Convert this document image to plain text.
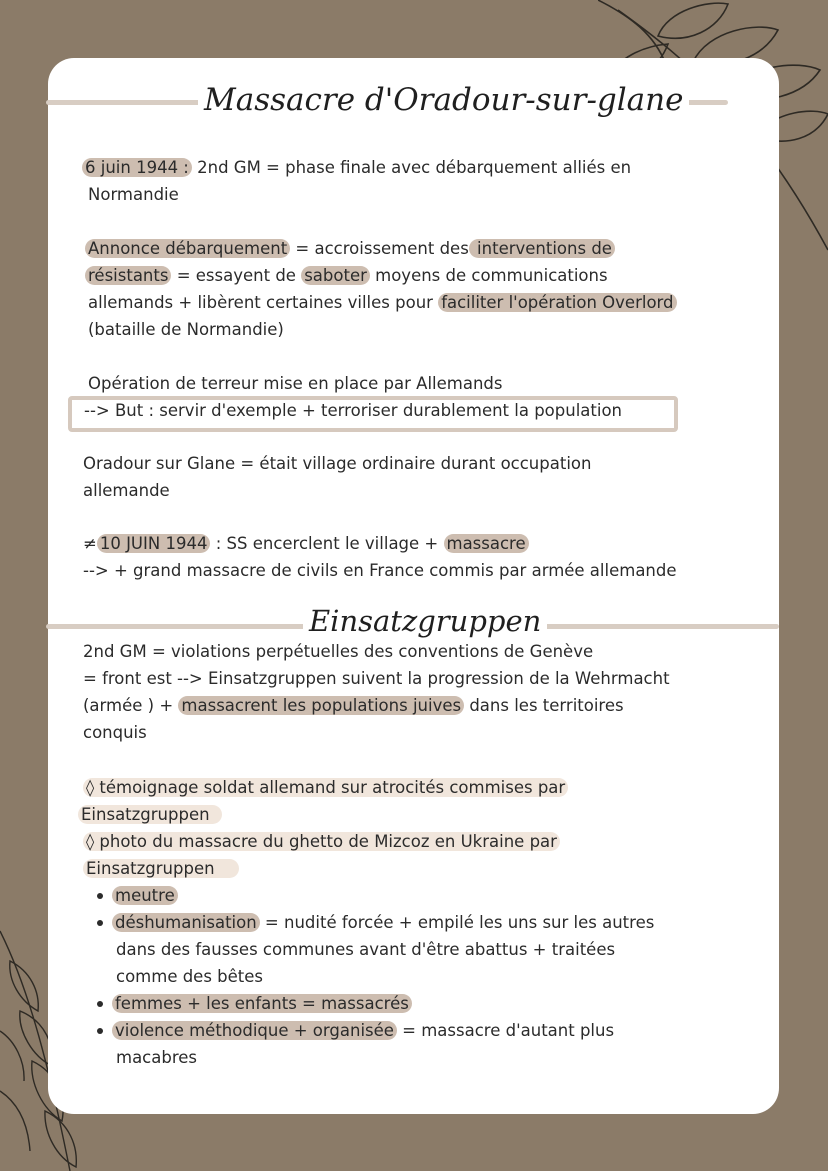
Massacre d'Oradour-sur-glane

6 juin 1944 : 2nd GM = phase finale avec débarquement alliés en

Normandie

Annonce débarquement = accroissement des interventions de

résistants = essayent de saboter moyens de communications

allemands + libèrent certaines villes pour faciliter l'opération Overlord

(bataille de Normandie)

Opération de terreur mise en place par Allemands

--> But : servir d'exemple + terroriser durablement la population

Oradour sur Glane = était village ordinaire durant occupation

allemande

≠ 10 JUIN 1944 : SS encerclent le village + massacre

--> + grand massacre de civils en France commis par armée allemande

Einsatzgruppen

2nd GM = violations perpétuelles des conventions de Genève

= front est --> Einsatzgruppen suivent la progression de la Wehrmacht

(armée ) + massacrent les populations juives dans les territoires

conquis

◊ témoignage soldat allemand sur atrocités commises par

Einsatzgruppen

◊ photo du massacre du ghetto de Mizcoz en Ukraine par

Einsatzgruppen

meutre

déshumanisation = nudité forcée + empilé les uns sur les autres

dans des fausses communes avant d'être abattus + traitées

comme des bêtes

femmes + les enfants = massacrés

violence méthodique + organisée = massacre d'autant plus

macabres
